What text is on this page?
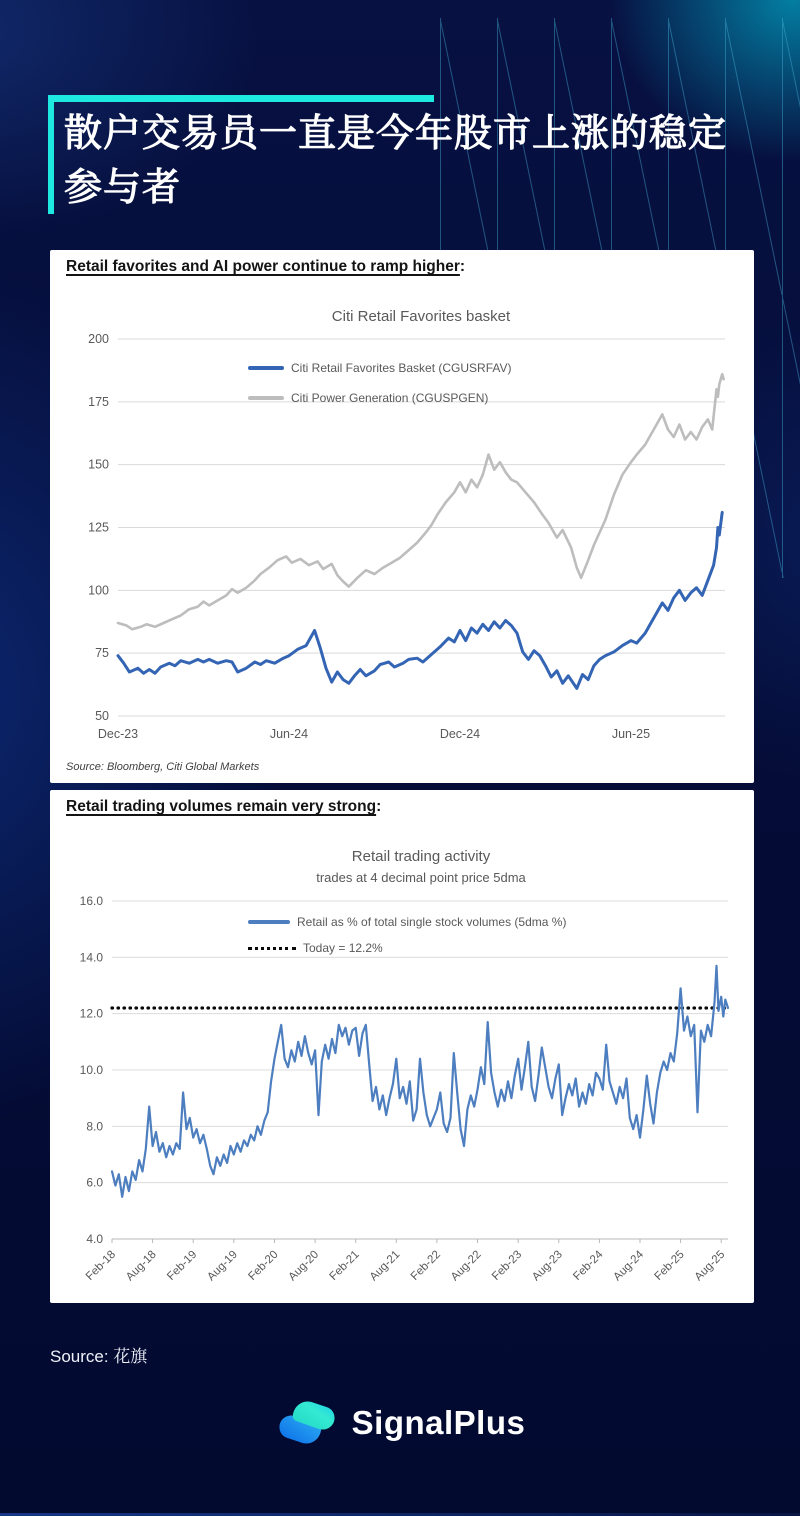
散户交易员一直是今年股市上涨的稳定
参与者
Retail favorites and AI power continue to ramp higher:
Citi Retail Favorites basket
200
175
150
125
100
75
50
Dec-23	Jun-24	Dec-24	Jun-25
Citi Retail Favorites Basket (CGUSRFAV)
Citi Power Generation (CGUSPGEN)
Source: Bloomberg, Citi Global Markets
Retail trading volumes remain very strong:
Retail trading activity
trades at 4 decimal point price 5dma
16.0
14.0
12.0
10.0
8.0
6.0
4.0
Feb-18 Aug-18 Feb-19 Aug-19 Feb-20 Aug-20 Feb-21 Aug-21 Feb-22 Aug-22 Feb-23 Aug-23 Feb-24 Aug-24 Feb-25 Aug-25
Retail as % of total single stock volumes (5dma %)
Today = 12.2%
Source: 花旗
SignalPlus
